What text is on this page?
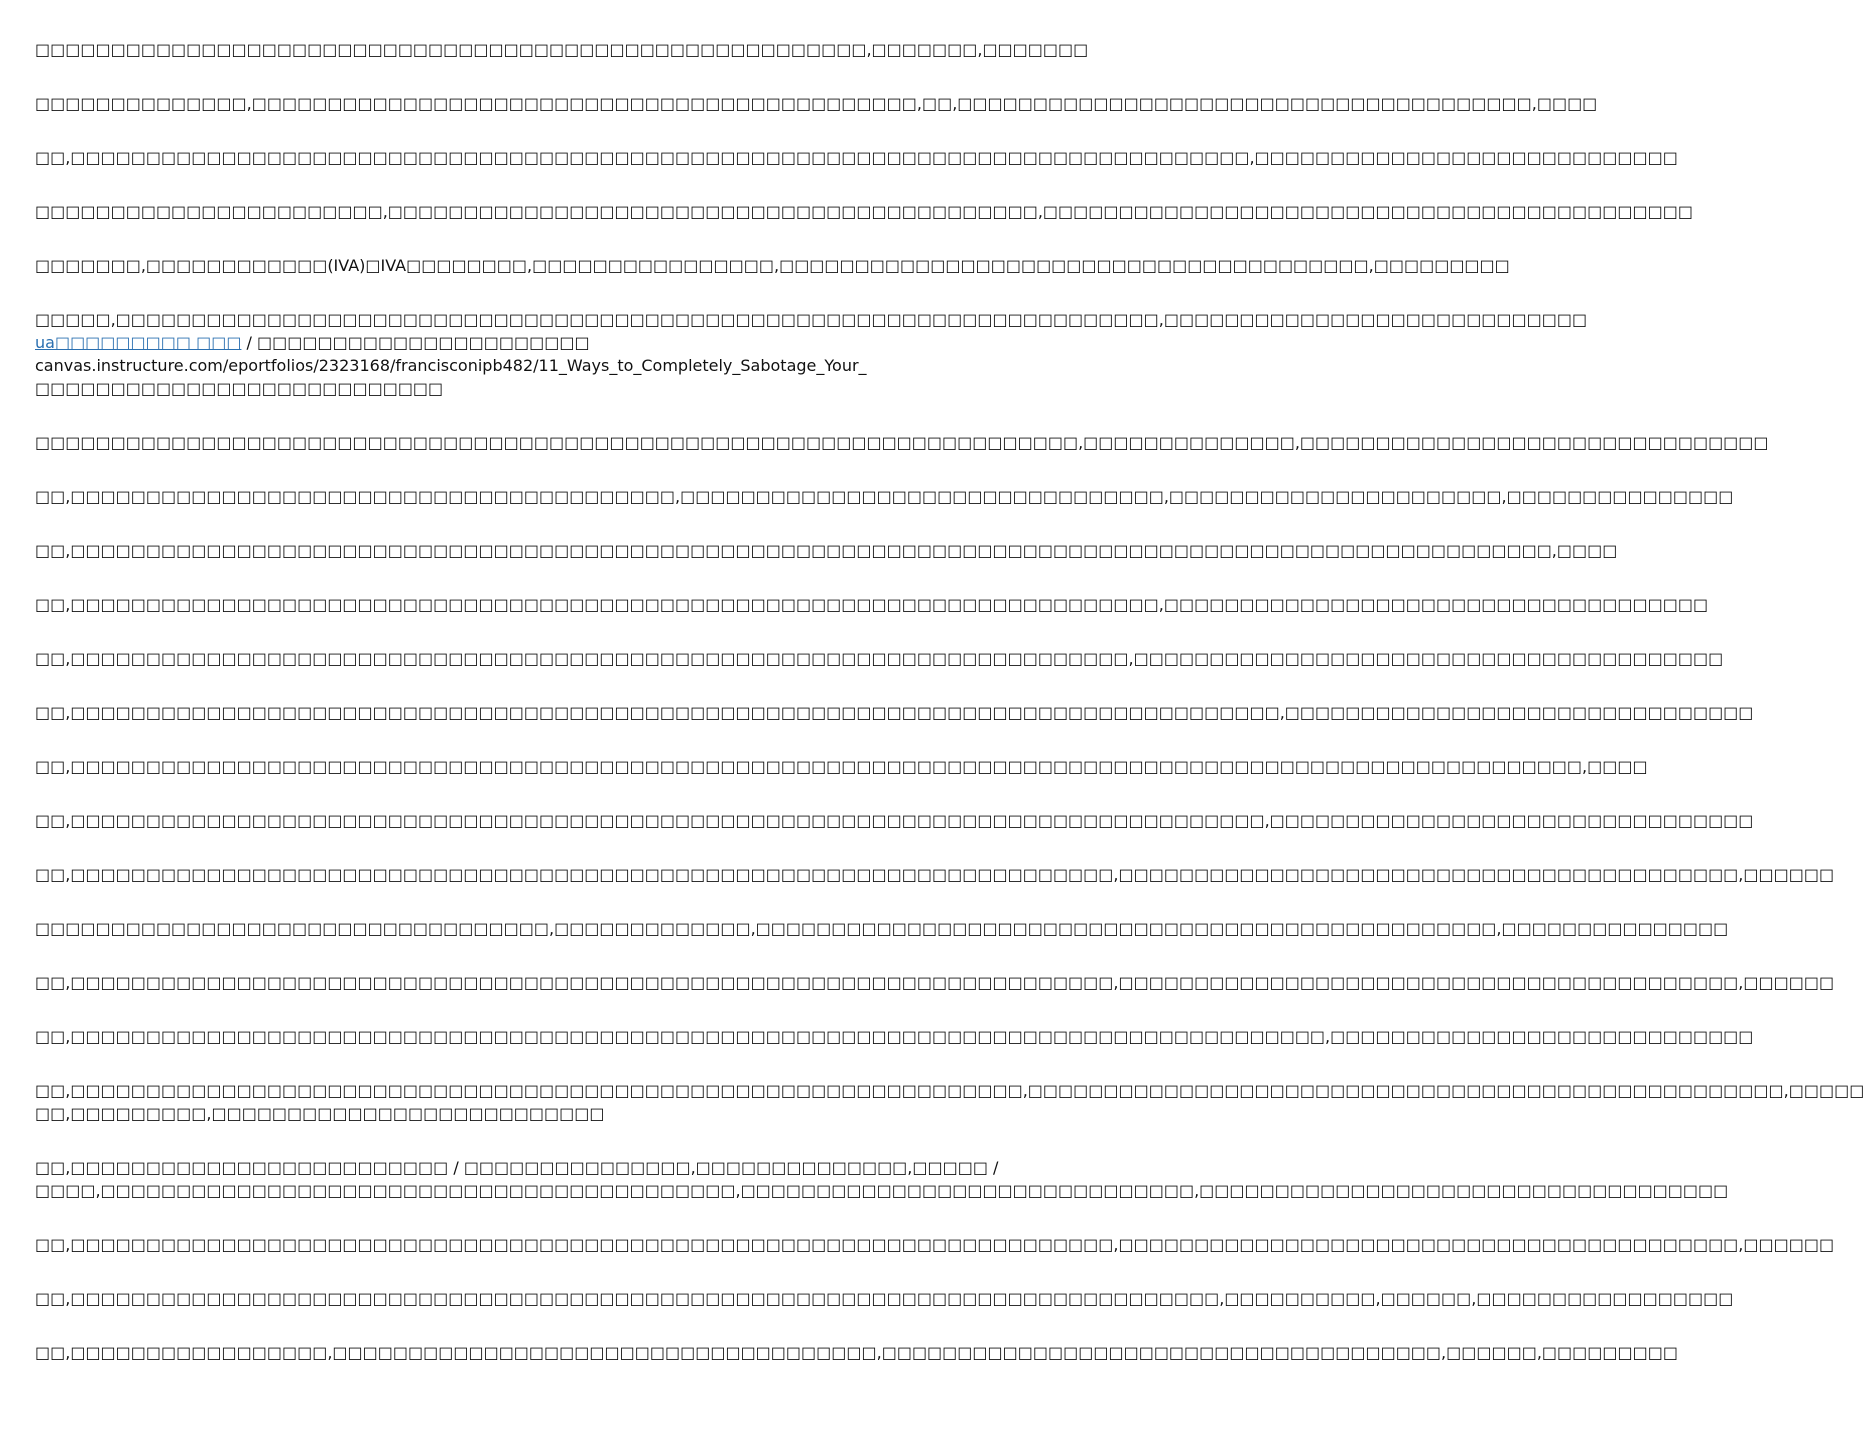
□□□□□□□□□□□□□□□□□□□□□□□□□□□□□□□□□□□□□□□□□□□□□□□□□□□□□□□,□□□□□□□,□□□□□□□

□□□□□□□□□□□□□□,□□□□□□□□□□□□□□□□□□□□□□□□□□□□□□□□□□□□□□□□□□□□,□□,□□□□□□□□□□□□□□□□□□□□□□□□□□□□□□□□□□□□□□,□□□□

□□,□□□□□□□□□□□□□□□□□□□□□□□□□□□□□□□□□□□□□□□□□□□□□□□□□□□□□□□□□□□□□□□□□□□□□□□□□□□□□□,□□□□□□□□□□□□□□□□□□□□□□□□□□□□

□□□□□□□□□□□□□□□□□□□□□□□,□□□□□□□□□□□□□□□□□□□□□□□□□□□□□□□□□□□□□□□□□□□,□□□□□□□□□□□□□□□□□□□□□□□□□□□□□□□□□□□□□□□□□□□

□□□□□□□,□□□□□□□□□□□□(IVA)□IVA□□□□□□□□,□□□□□□□□□□□□□□□□,□□□□□□□□□□□□□□□□□□□□□□□□□□□□□□□□□□□□□□□,□□□□□□□□□

□□□□□,□□□□□□□□□□□□□□□□□□□□□□□□□□□□□□□□□□□□□□□□□□□□□□□□□□□□□□□□□□□□□□□□□□□□□,□□□□□□□□□□□□□□□□□□□□□□□□□□□□
ua□□□□□□□□□ □□□ / □□□□□□□□□□□□□□□□□□□□□□
canvas.instructure.com/eportfolios/2323168/francisconipb482/11_Ways_to_Completely_Sabotage_Your_
□□□□□□□□□□□□□□□□□□□□□□□□□□□

□□□□□□□□□□□□□□□□□□□□□□□□□□□□□□□□□□□□□□□□□□□□□□□□□□□□□□□□□□□□□□□□□□□□□,□□□□□□□□□□□□□□,□□□□□□□□□□□□□□□□□□□□□□□□□□□□□□□

□□,□□□□□□□□□□□□□□□□□□□□□□□□□□□□□□□□□□□□□□□□,□□□□□□□□□□□□□□□□□□□□□□□□□□□□□□□□,□□□□□□□□□□□□□□□□□□□□□□,□□□□□□□□□□□□□□□

□□,□□□□□□□□□□□□□□□□□□□□□□□□□□□□□□□□□□□□□□□□□□□□□□□□□□□□□□□□□□□□□□□□□□□□□□□□□□□□□□□□□□□□□□□□□□□□□□□□□□,□□□□

□□,□□□□□□□□□□□□□□□□□□□□□□□□□□□□□□□□□□□□□□□□□□□□□□□□□□□□□□□□□□□□□□□□□□□□□□□□,□□□□□□□□□□□□□□□□□□□□□□□□□□□□□□□□□□□□

□□,□□□□□□□□□□□□□□□□□□□□□□□□□□□□□□□□□□□□□□□□□□□□□□□□□□□□□□□□□□□□□□□□□□□□□□,□□□□□□□□□□□□□□□□□□□□□□□□□□□□□□□□□□□□□□□

□□,□□□□□□□□□□□□□□□□□□□□□□□□□□□□□□□□□□□□□□□□□□□□□□□□□□□□□□□□□□□□□□□□□□□□□□□□□□□□□□□□,□□□□□□□□□□□□□□□□□□□□□□□□□□□□□□□

□□,□□□□□□□□□□□□□□□□□□□□□□□□□□□□□□□□□□□□□□□□□□□□□□□□□□□□□□□□□□□□□□□□□□□□□□□□□□□□□□□□□□□□□□□□□□□□□□□□□□□□,□□□□

□□,□□□□□□□□□□□□□□□□□□□□□□□□□□□□□□□□□□□□□□□□□□□□□□□□□□□□□□□□□□□□□□□□□□□□□□□□□□□□□□□,□□□□□□□□□□□□□□□□□□□□□□□□□□□□□□□□

□□,□□□□□□□□□□□□□□□□□□□□□□□□□□□□□□□□□□□□□□□□□□□□□□□□□□□□□□□□□□□□□□□□□□□□□,□□□□□□□□□□□□□□□□□□□□□□□□□□□□□□□□□□□□□□□□□,□□□□□□

□□□□□□□□□□□□□□□□□□□□□□□□□□□□□□□□□□,□□□□□□□□□□□□□,□□□□□□□□□□□□□□□□□□□□□□□□□□□□□□□□□□□□□□□□□□□□□□□□□,□□□□□□□□□□□□□□□

□□,□□□□□□□□□□□□□□□□□□□□□□□□□□□□□□□□□□□□□□□□□□□□□□□□□□□□□□□□□□□□□□□□□□□□□,□□□□□□□□□□□□□□□□□□□□□□□□□□□□□□□□□□□□□□□□□,□□□□□□

□□,□□□□□□□□□□□□□□□□□□□□□□□□□□□□□□□□□□□□□□□□□□□□□□□□□□□□□□□□□□□□□□□□□□□□□□□□□□□□□□□□□□□,□□□□□□□□□□□□□□□□□□□□□□□□□□□□

□□,□□□□□□□□□□□□□□□□□□□□□□□□□□□□□□□□□□□□□□□□□□□□□□□□□□□□□□□□□□□□□□□,□□□□□□□□□□□□□□□□□□□□□□□□□□□□□□□□□□□□□□□□□□□□□□□□□□,□□□□□
□□,□□□□□□□□□,□□□□□□□□□□□□□□□□□□□□□□□□□□

□□,□□□□□□□□□□□□□□□□□□□□□□□□□ / □□□□□□□□□□□□□□□,□□□□□□□□□□□□□□,□□□□□ /
□□□□,□□□□□□□□□□□□□□□□□□□□□□□□□□□□□□□□□□□□□□□□□□,□□□□□□□□□□□□□□□□□□□□□□□□□□□□□□,□□□□□□□□□□□□□□□□□□□□□□□□□□□□□□□□□□□

□□,□□□□□□□□□□□□□□□□□□□□□□□□□□□□□□□□□□□□□□□□□□□□□□□□□□□□□□□□□□□□□□□□□□□□□,□□□□□□□□□□□□□□□□□□□□□□□□□□□□□□□□□□□□□□□□□,□□□□□□

□□,□□□□□□□□□□□□□□□□□□□□□□□□□□□□□□□□□□□□□□□□□□□□□□□□□□□□□□□□□□□□□□□□□□□□□□□□□□□□,□□□□□□□□□□,□□□□□□,□□□□□□□□□□□□□□□□□

□□,□□□□□□□□□□□□□□□□□,□□□□□□□□□□□□□□□□□□□□□□□□□□□□□□□□□□□□,□□□□□□□□□□□□□□□□□□□□□□□□□□□□□□□□□□□□□,□□□□□□,□□□□□□□□□
